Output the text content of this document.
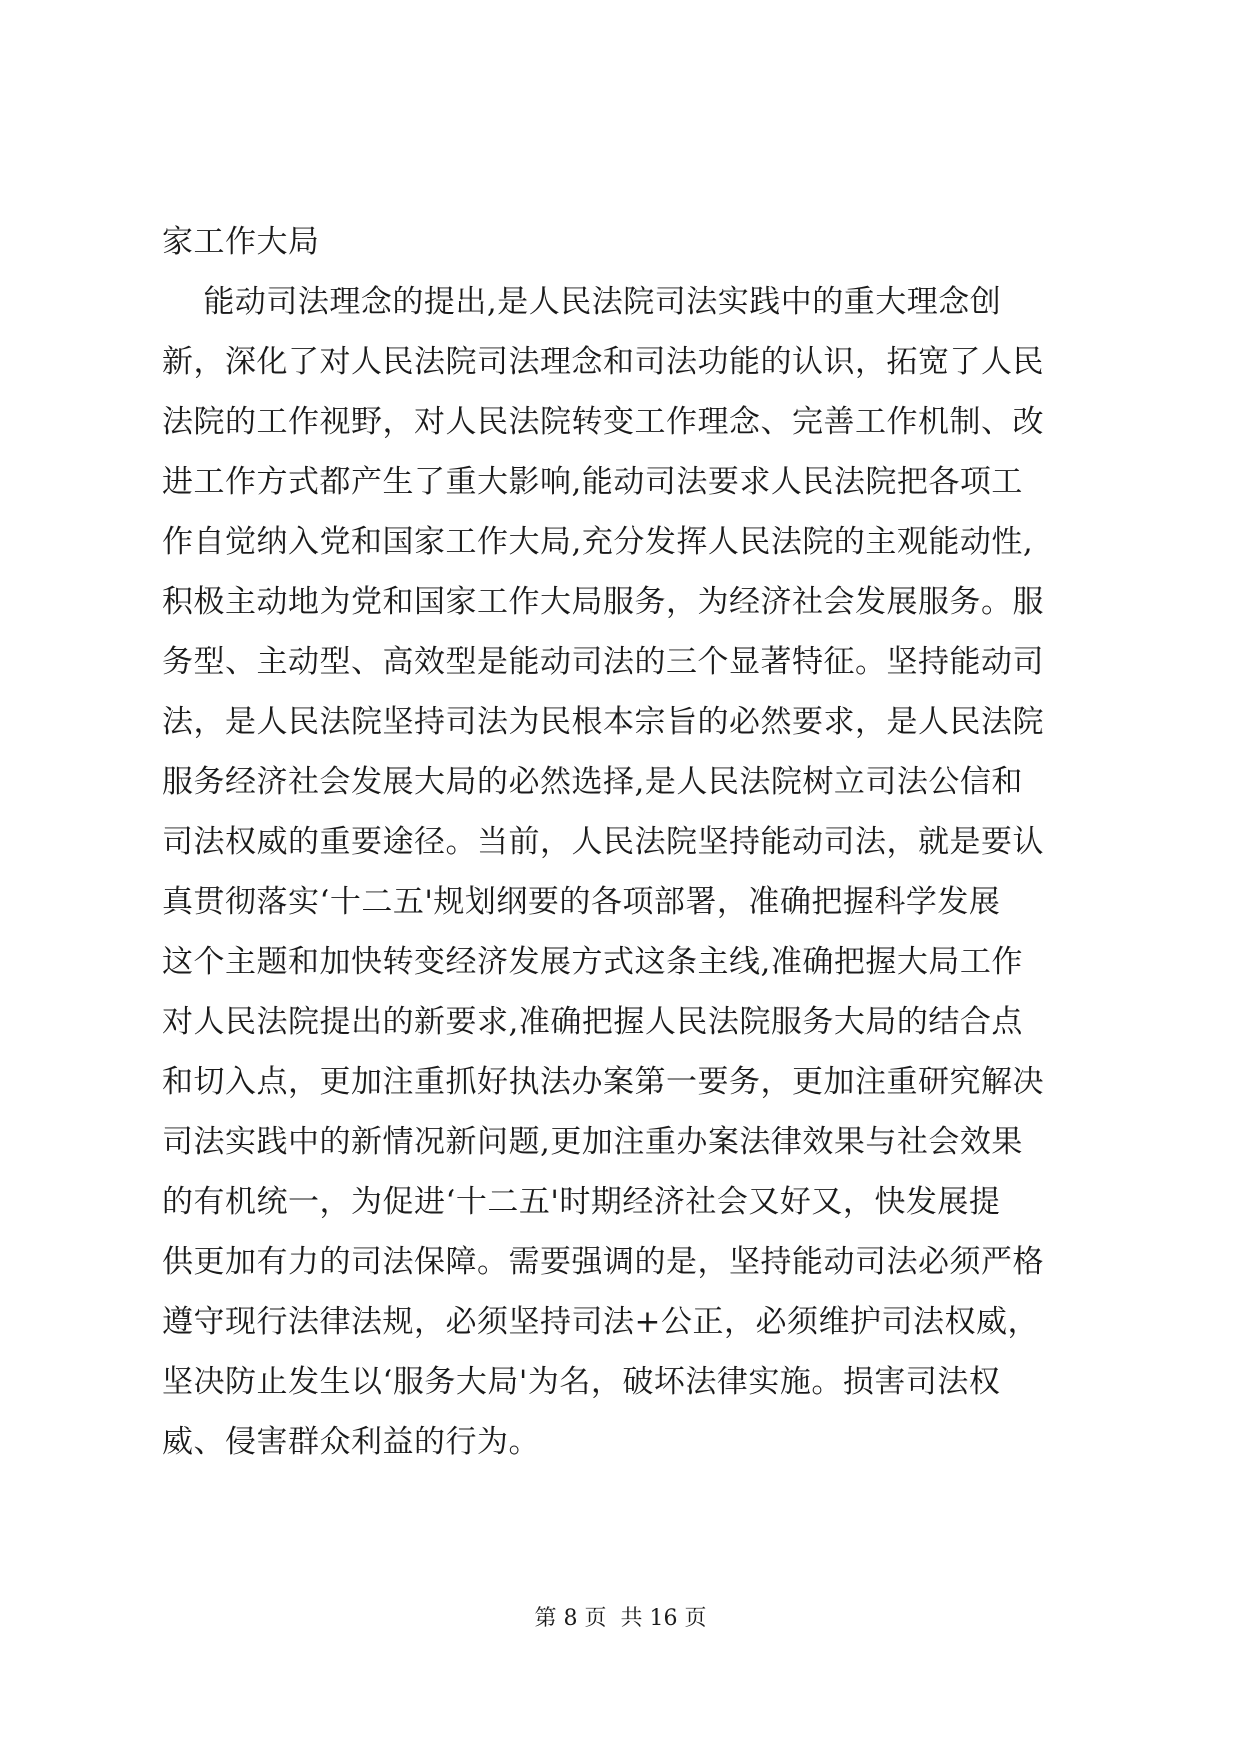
家工作大局
能动司法理念的提出,是人民法院司法实践中的重大理念创
新，深化了对人民法院司法理念和司法功能的认识，拓宽了人民
法院的工作视野，对人民法院转变工作理念、完善工作机制、改
进工作方式都产生了重大影响,能动司法要求人民法院把各项工
作自觉纳入党和国家工作大局,充分发挥人民法院的主观能动性,
积极主动地为党和国家工作大局服务，为经济社会发展服务。服
务型、主动型、高效型是能动司法的三个显著特征。坚持能动司
法，是人民法院坚持司法为民根本宗旨的必然要求，是人民法院
服务经济社会发展大局的必然选择,是人民法院树立司法公信和
司法权威的重要途径。当前，人民法院坚持能动司法，就是要认
真贯彻落实‘十二五'规划纲要的各项部署，准确把握科学发展
这个主题和加快转变经济发展方式这条主线,准确把握大局工作
对人民法院提出的新要求,准确把握人民法院服务大局的结合点
和切入点，更加注重抓好执法办案第一要务，更加注重研究解决
司法实践中的新情况新问题,更加注重办案法律效果与社会效果
的有机统一，为促进‘十二五'时期经济社会又好又，快发展提
供更加有力的司法保障。需要强调的是，坚持能动司法必须严格
遵守现行法律法规，必须坚持司法+公正，必须维护司法权威，
坚决防止发生以‘服务大局'为名，破坏法律实施。损害司法权
威、侵害群众利益的行为。
第 8 页  共 16 页
